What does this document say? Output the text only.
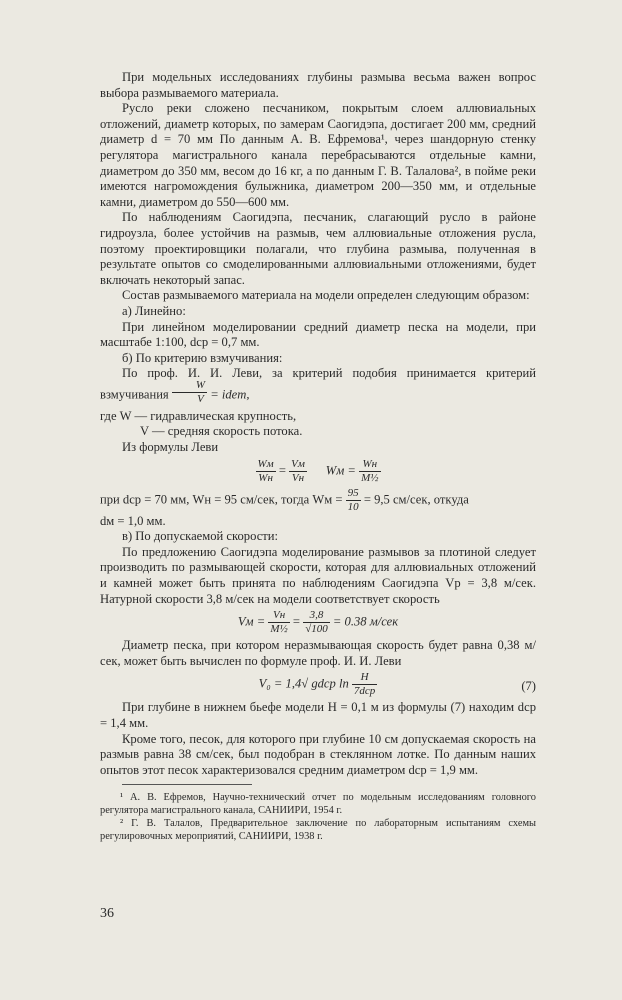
При модельных исследованиях глубины размыва весьма важен вопрос выбора размываемого материала.

Русло реки сложено песчаником, покрытым слоем аллювиальных отложений, диаметр которых, по замерам Саогидэпа, достигает 200 мм, средний диаметр d = 70 мм По данным А. В. Ефремова¹, через шандорную стенку регулятора магистрального канала перебрасываются отдельные камни, диаметром до 350 мм, весом до 16 кг, а по данным Г. В. Талалова², в пойме реки имеются нагромождения булыжника, диаметром 200—350 мм, и отдельные камни, диаметром до 550—600 мм.

По наблюдениям Саогидэпа, песчаник, слагающий русло в районе гидроузла, более устойчив на размыв, чем аллювиальные отложения русла, поэтому проектировщики полагали, что глубина размыва, полученная в результате опытов со смоделированными аллювиальными отложениями, будет включать некоторый запас.

Состав размываемого материала на модели определен следующим образом:

а) Линейно:

При линейном моделировании средний диаметр песка на модели, при масштабе 1:100, dср = 0,7 мм.

б) По критерию взмучивания:

По проф. И. И. Леви, за критерий подобия принимается критерий взмучивания $\frac{W}{V}$ = idem,

где W — гидравлическая крупность,

V — средняя скорость потока.

Из формулы Леви

Wм
Wн
= Vм
Vн
Wм = Wн
M½

при dср = 70 мм, Wн = 95 см/сек, тогда Wм = $\frac{95}{10} = 9,5$ см/сек, откуда

dм = 1,0 мм.

в) По допускаемой скорости:

По предложению Саогидэпа моделирование размывов за плотиной следует производить по размывающей скорости, которая для аллювиальных отложений и камней может быть принята по наблюдениям Саогидэпа Vр = 3,8 м/сек. Натурной скорости 3,8 м/сек на модели соответствует скорость

Vм = Vн
M½
= $\frac{3,8}{√100} = 0.38$ м/сек

Диаметр песка, при котором неразмывающая скорость будет равна 0,38 м/сек, может быть вычислен по формуле проф. И. И. Леви

V₀ = 1,4√ gdср ln	H
7dср	(7)

При глубине в нижнем бьефе модели H = 0,1 м из формулы (7) находим dср = 1,4 мм.

Кроме того, песок, для которого при глубине 10 см допускаемая скорость на размыв равна 38 см/сек, был подобран в стеклянном лотке. По данным наших опытов этот песок характеризовался средним диаметром dср = 1,9 мм.

¹ А. В. Ефремов, Научно-технический отчет по модельным исследованиям головного регулятора магистрального канала, САНИИРИ, 1954 г.

² Г. В. Талалов, Предварительное заключение по лабораторным испытаниям схемы регулировочных мероприятий, САНИИРИ, 1938 г.

36
